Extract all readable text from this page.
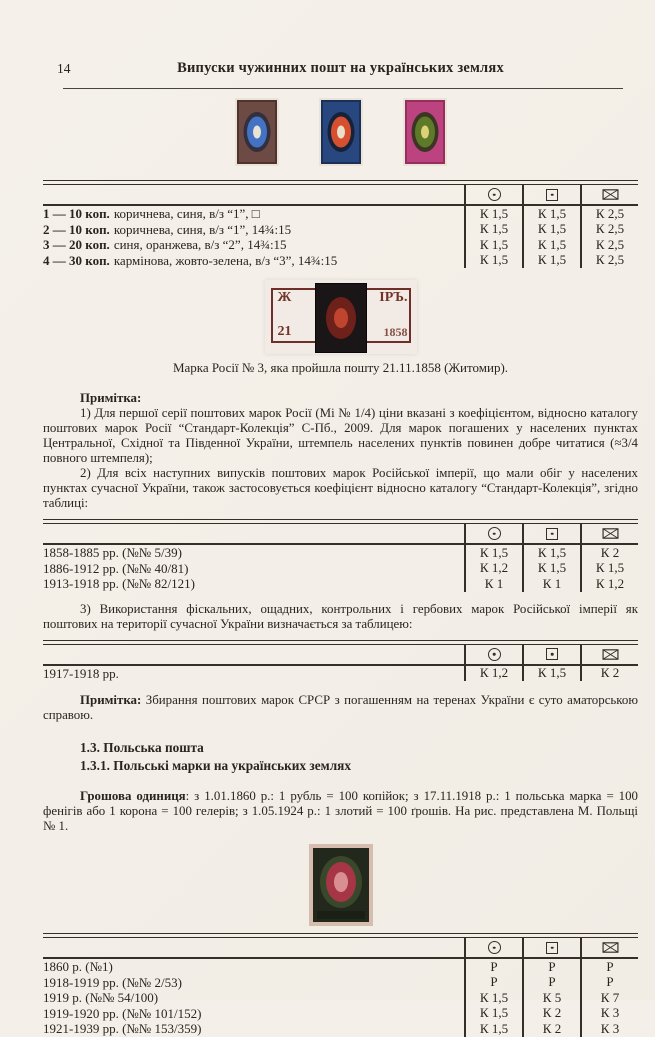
14	Випуски чужинних пошт на українських землях
1 — 10 коп. коричнева, синя, в/з “1”, □	К 1,5	К 1,5	К 2,5
2 — 10 коп. коричнева, синя, в/з “1”, 14¾:15	К 1,5	К 1,5	К 2,5
3 — 20 коп. синя, оранжева, в/з “2”, 14¾:15	К 1,5	К 1,5	К 2,5
4 — 30 коп. кармінова, жовто-зелена, в/з “3”, 14¾:15	К 1,5	К 1,5	К 2,5
Ж	ІРЪ.
21	1858
Марка Росії № 3, яка пройшла пошту 21.11.1858 (Житомир).

Примітка:

1) Для першої серії поштових марок Росії (Мі № 1/4) ціни вказані з коефіцієнтом, відносно каталогу поштових марок Росії “Стандарт-Колекція” С-Пб., 2009. Для марок погашених у населених пунктах Центральної, Східної та Південної України, штемпель населених пунктів повинен добре читатися (≈3/4 повного штемпеля);

2) Для всіх наступних випусків поштових марок Російської імперії, що мали обіг у населених пунктах сучасної України, також застосовується коефіцієнт відносно каталогу “Стандарт-Колекція”, згідно таблиці:

1858-1885 рр. (№№ 5/39)	К 1,5	К 1,5	К 2
1886-1912 рр. (№№ 40/81)	К 1,2	К 1,5	К 1,5
1913-1918 рр. (№№ 82/121)	К 1	К 1	К 1,2

3) Використання фіскальних, ощадних, контрольних і гербових марок Російської імперії як поштових на території сучасної України визначається за таблицею:

1917-1918 рр.	К 1,2	К 1,5	К 2

Примітка: Збирання поштових марок СРСР з погашенням на теренах України є суто аматорською справою.

1.3. Польська пошта

1.3.1. Польські марки на українських землях

Грошова одиниця: з 1.01.1860 р.: 1 рубль = 100 копійок; з 17.11.1918 р.: 1 польська марка = 100 фенігів або 1 корона = 100 гелерів; з 1.05.1924 р.: 1 злотий = 100 ґрошів. На рис. представлена М. Польщі № 1.

1860 р. (№1)	Р	Р	Р
1918-1919 рр. (№№ 2/53)	Р	Р	Р
1919 р. (№№ 54/100)	К 1,5	К 5	К 7
1919-1920 рр. (№№ 101/152)	К 1,5	К 2	К 3
1921-1939 рр. (№№ 153/359)	К 1,5	К 2	К 3
